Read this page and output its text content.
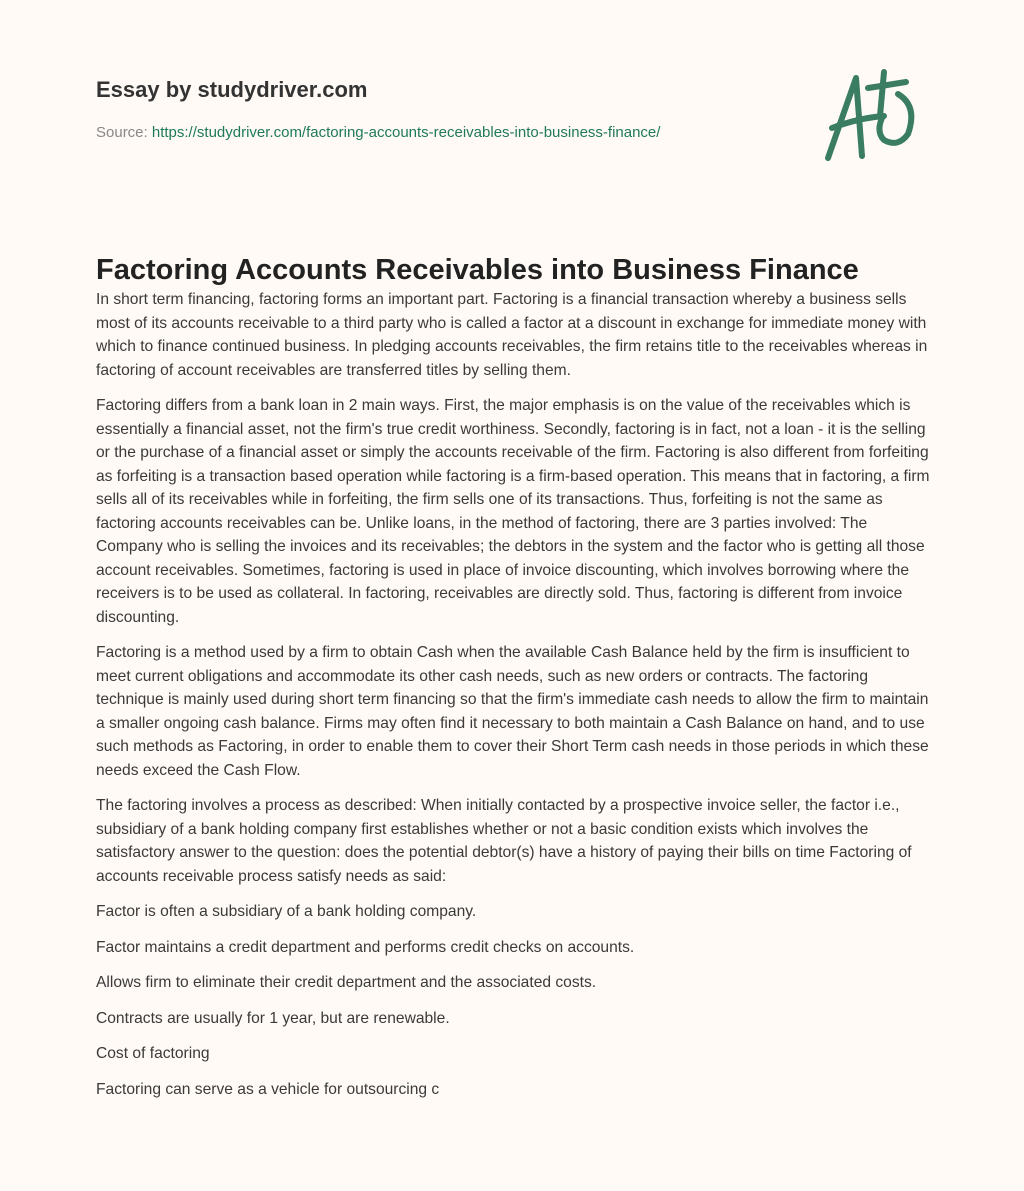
Essay by studydriver.com
Source: https://studydriver.com/factoring-accounts-receivables-into-business-finance/
Factoring Accounts Receivables into Business Finance

In short term financing, factoring forms an important part. Factoring is a financial transaction whereby a business sells most of its accounts receivable to a third party who is called a factor at a discount in exchange for immediate money with which to finance continued business. In pledging accounts receivables, the firm retains title to the receivables whereas in factoring of account receivables are transferred titles by selling them.

Factoring differs from a bank loan in 2 main ways. First, the major emphasis is on the value of the receivables which is essentially a financial asset, not the firm's true credit worthiness. Secondly, factoring is in fact, not a loan - it is the selling or the purchase of a financial asset or simply the accounts receivable of the firm. Factoring is also different from forfeiting as forfeiting is a transaction based operation while factoring is a firm-based operation. This means that in factoring, a firm sells all of its receivables while in forfeiting, the firm sells one of its transactions. Thus, forfeiting is not the same as factoring accounts receivables can be. Unlike loans, in the method of factoring, there are 3 parties involved: The Company who is selling the invoices and its receivables; the debtors in the system and the factor who is getting all those account receivables. Sometimes, factoring is used in place of invoice discounting, which involves borrowing where the receivers is to be used as collateral. In factoring, receivables are directly sold. Thus, factoring is different from invoice discounting.

Factoring is a method used by a firm to obtain Cash when the available Cash Balance held by the firm is insufficient to meet current obligations and accommodate its other cash needs, such as new orders or contracts. The factoring technique is mainly used during short term financing so that the firm's immediate cash needs to allow the firm to maintain a smaller ongoing cash balance. Firms may often find it necessary to both maintain a Cash Balance on hand, and to use such methods as Factoring, in order to enable them to cover their Short Term cash needs in those periods in which these needs exceed the Cash Flow.

The factoring involves a process as described: When initially contacted by a prospective invoice seller, the factor i.e., subsidiary of a bank holding company first establishes whether or not a basic condition exists which involves the satisfactory answer to the question: does the potential debtor(s) have a history of paying their bills on time Factoring of accounts receivable process satisfy needs as said:

Factor is often a subsidiary of a bank holding company.

Factor maintains a credit department and performs credit checks on accounts.

Allows firm to eliminate their credit department and the associated costs.

Contracts are usually for 1 year, but are renewable.

Cost of factoring

Factoring can serve as a vehicle for outsourcing c
